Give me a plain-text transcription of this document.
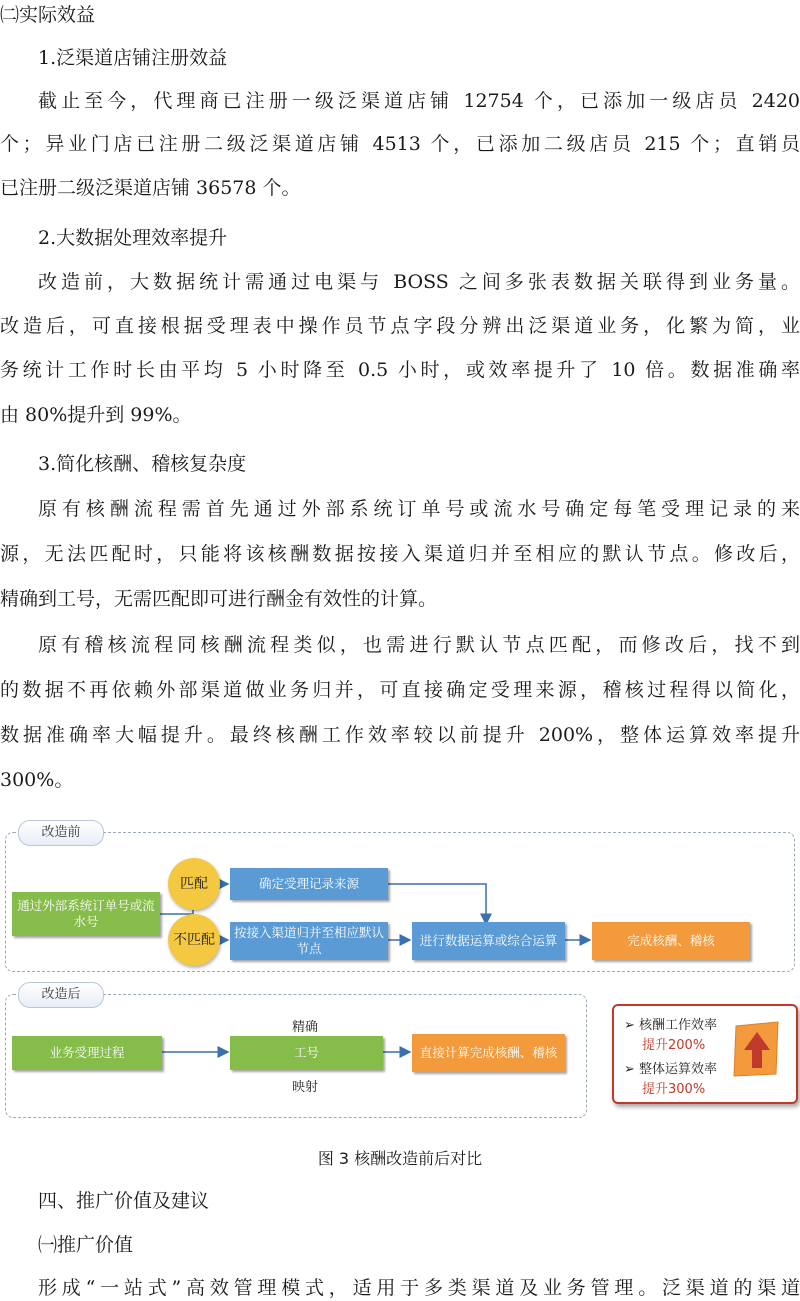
㈡实际效益
1.泛渠道店铺注册效益
截止至今，代理商已注册一级泛渠道店铺 12754 个，已添加一级店员 2420
个；异业门店已注册二级泛渠道店铺 4513 个，已添加二级店员 215 个；直销员
已注册二级泛渠道店铺 36578 个。
2.大数据处理效率提升
改造前，大数据统计需通过电渠与 BOSS 之间多张表数据关联得到业务量。
改造后，可直接根据受理表中操作员节点字段分辨出泛渠道业务，化繁为简，业
务统计工作时长由平均 5 小时降至 0.5 小时，或效率提升了 10 倍。数据准确率
由 80%提升到 99%。
3.简化核酬、稽核复杂度
原有核酬流程需首先通过外部系统订单号或流水号确定每笔受理记录的来
源，无法匹配时，只能将该核酬数据按接入渠道归并至相应的默认节点。修改后，
精确到工号，无需匹配即可进行酬金有效性的计算。
原有稽核流程同核酬流程类似，也需进行默认节点匹配，而修改后，找不到
的数据不再依赖外部渠道做业务归并，可直接确定受理来源，稽核过程得以简化，
数据准确率大幅提升。最终核酬工作效率较以前提升 200%，整体运算效率提升
300%。
改造前
通过外部系统订单号或流水号
匹配
不匹配
确定受理记录来源
按接入渠道归并至相应默认节点
进行数据运算或综合运算	完成核酬、稽核
改造后
业务受理过程
精确
工号
映射
直接计算完成核酬、稽核
➢ 核酬工作效率
提升200%
➢ 整体运算效率
提升300%
图 3 核酬改造前后对比
四、推广价值及建议
㈠推广价值
形成“一站式”高效管理模式，适用于多类渠道及业务管理。泛渠道的渠道
